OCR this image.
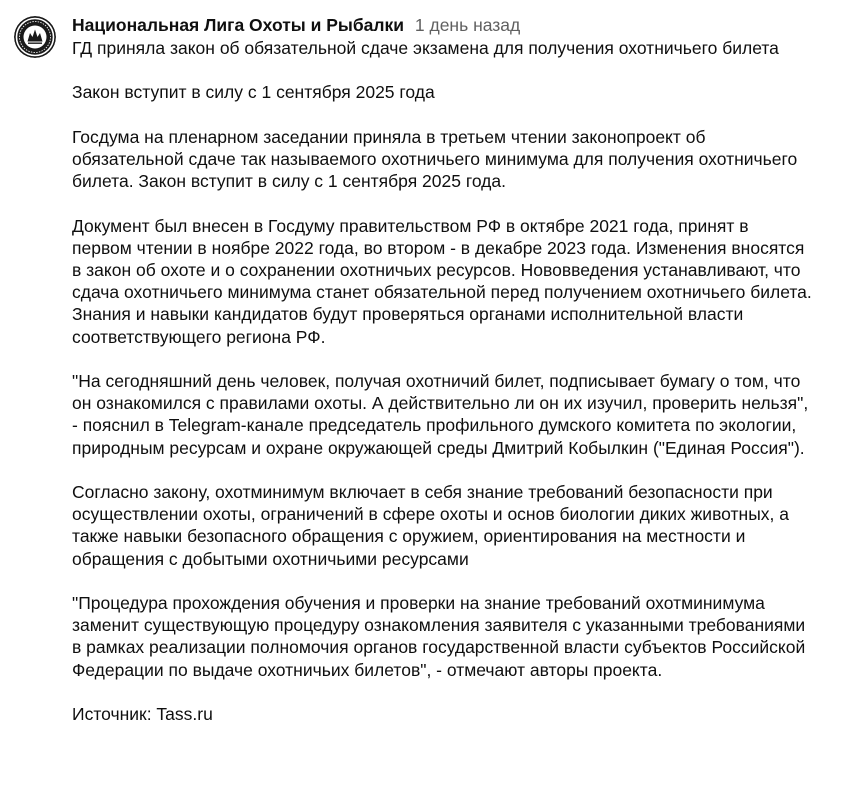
Национальная Лига Охоты и Рыбалки 1 день назад

ГД приняла закон об обязательной сдаче экзамена для получения охотничьего билета

Закон вступит в силу с 1 сентября 2025 года

Госдума на пленарном заседании приняла в третьем чтении законопроект об обязательной сдаче так называемого охотничьего минимума для получения охотничьего билета. Закон вступит в силу с 1 сентября 2025 года.

Документ был внесен в Госдуму правительством РФ в октябре 2021 года, принят в первом чтении в ноябре 2022 года, во втором - в декабре 2023 года. Изменения вносятся в закон об охоте и о сохранении охотничьих ресурсов. Нововведения устанавливают, что сдача охотничьего минимума станет обязательной перед получением охотничьего билета. Знания и навыки кандидатов будут проверяться органами исполнительной власти соответствующего региона РФ.

"На сегодняшний день человек, получая охотничий билет, подписывает бумагу о том, что он ознакомился с правилами охоты. А действительно ли он их изучил, проверить нельзя", - пояснил в Telegram-канале председатель профильного думского комитета по экологии, природным ресурсам и охране окружающей среды Дмитрий Кобылкин ("Единая Россия").

Согласно закону, охотминимум включает в себя знание требований безопасности при осуществлении охоты, ограничений в сфере охоты и основ биологии диких животных, а также навыки безопасного обращения с оружием, ориентирования на местности и обращения с добытыми охотничьими ресурсами

"Процедура прохождения обучения и проверки на знание требований охотминимума заменит существующую процедуру ознакомления заявителя с указанными требованиями в рамках реализации полномочия органов государственной власти субъектов Российской Федерации по выдаче охотничьих билетов", - отмечают авторы проекта.

Источник: Tass.ru
